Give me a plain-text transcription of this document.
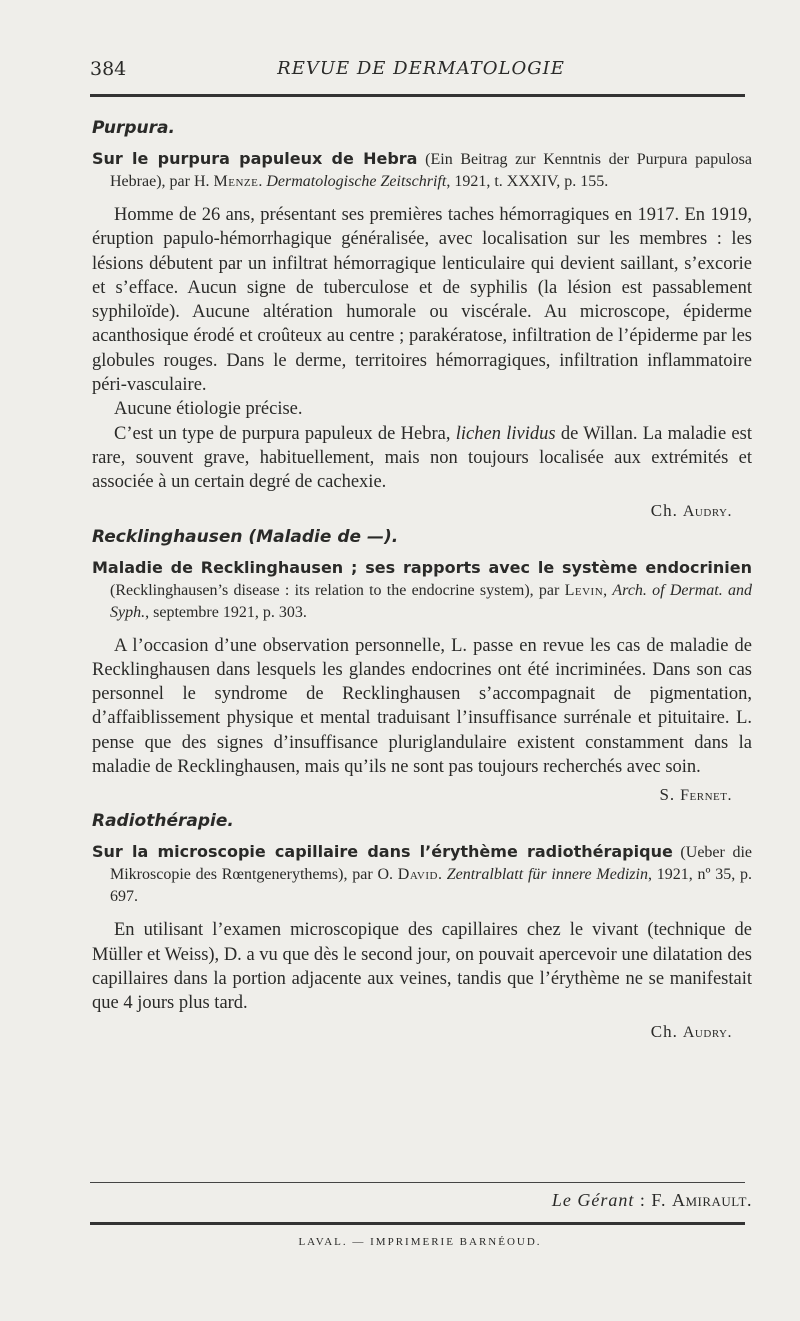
384	REVUE DE DERMATOLOGIE
Purpura.
Sur le purpura papuleux de Hebra (Ein Beitrag zur Kenntnis der Purpura papulosa Hebrae), par H. Menze. Dermatologische Zeitschrift, 1921, t. XXXIV, p. 155.

Homme de 26 ans, présentant ses premières taches hémorragiques en 1917. En 1919, éruption papulo-hémorrhagique généralisée, avec localisation sur les membres : les lésions débutent par un infiltrat hémorragique lenticulaire qui devient saillant, s’excorie et s’efface. Aucun signe de tuberculose et de syphilis (la lésion est passablement syphiloïde). Aucune altération humorale ou viscérale. Au microscope, épiderme acanthosique érodé et croûteux au centre ; parakératose, infiltration de l’épiderme par les globules rouges. Dans le derme, territoires hémorragiques, infiltration inflammatoire péri-vasculaire.

Aucune étiologie précise.

C’est un type de purpura papuleux de Hebra, lichen lividus de Willan. La maladie est rare, souvent grave, habituellement, mais non toujours localisée aux extrémités et associée à un certain degré de cachexie.

Ch. Audry.
Recklinghausen (Maladie de —).
Maladie de Recklinghausen ; ses rapports avec le système endocrinien (Recklinghausen’s disease : its relation to the endocrine system), par Levin, Arch. of Dermat. and Syph., septembre 1921, p. 303.

A l’occasion d’une observation personnelle, L. passe en revue les cas de maladie de Recklinghausen dans lesquels les glandes endocrines ont été incriminées. Dans son cas personnel le syndrome de Recklinghausen s’accompagnait de pigmentation, d’affaiblissement physique et mental traduisant l’insuffisance surrénale et pituitaire. L. pense que des signes d’insuffisance pluriglandulaire existent constamment dans la maladie de Recklinghausen, mais qu’ils ne sont pas toujours recherchés avec soin.

S. Fernet.
Radiothérapie.
Sur la microscopie capillaire dans l’érythème radiothérapique (Ueber die Mikroscopie des Rœntgenerythems), par O. David. Zentralblatt für innere Medizin, 1921, nº 35, p. 697.

En utilisant l’examen microscopique des capillaires chez le vivant (technique de Müller et Weiss), D. a vu que dès le second jour, on pouvait apercevoir une dilatation des capillaires dans la portion adjacente aux veines, tandis que l’érythème ne se manifestait que 4 jours plus tard.

Ch. Audry.
Le Gérant : F. Amirault.
LAVAL. — IMPRIMERIE BARNÉOUD.
